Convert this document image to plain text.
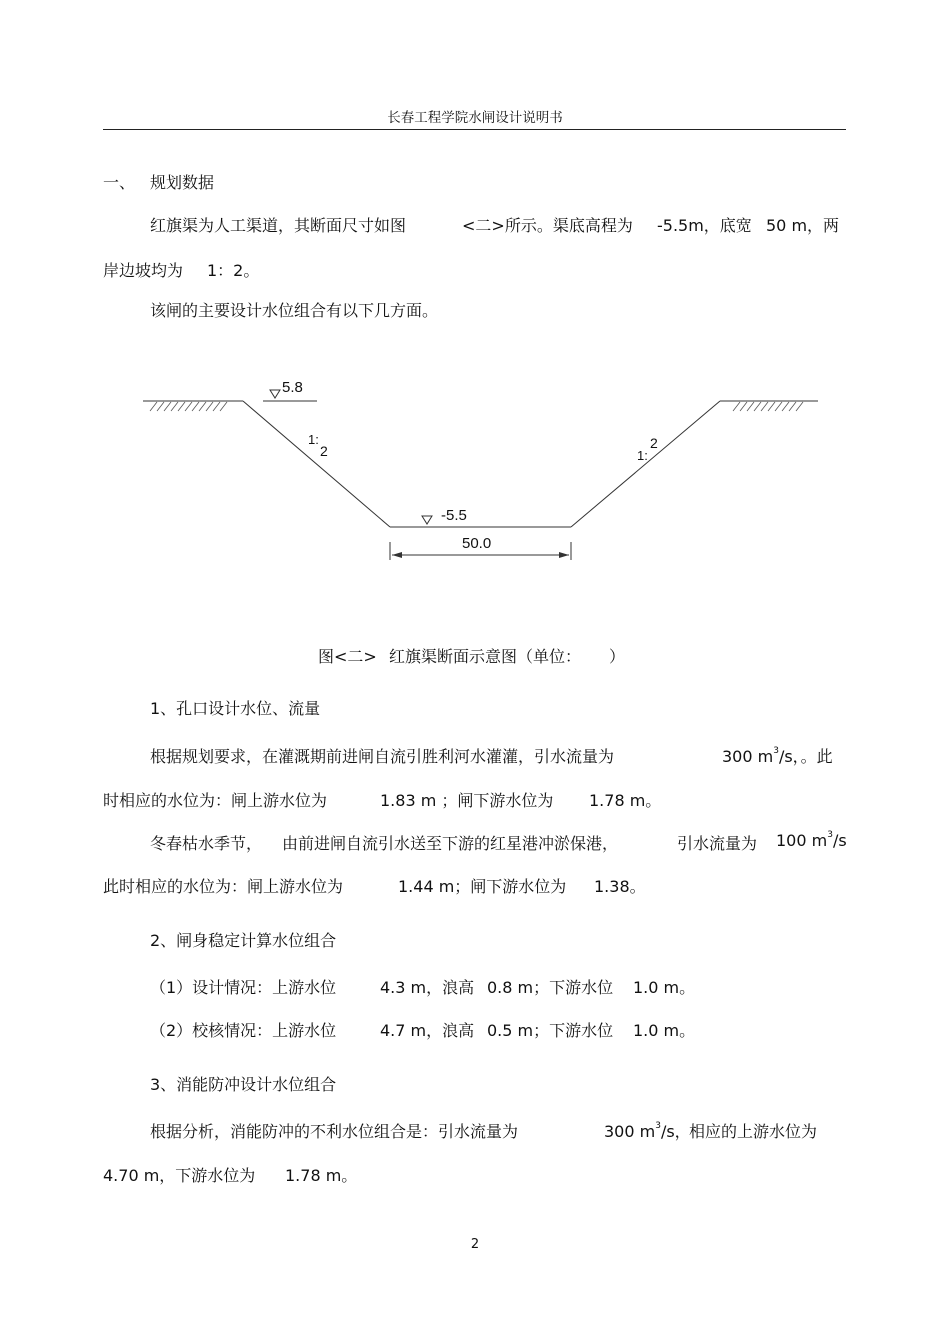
长春工程学院水闸设计说明书
一、 规划数据
红旗渠为人工渠道，其断面尺寸如图	<二>所示。渠底高程为 -5.5m，底宽 50 m，两
岸边坡均为 1：2。
该闸的主要设计水位组合有以下几方面。
5.8
-5.5
50.0
1:
2	1:
2
图<二> 红旗渠断面示意图（单位： ）
1、孔口设计水位、流量
根据规划要求，在灌溉期前进闸自流引胜利河水灌灌，引水流量为	300 $m^3/s$，。此
时相应的水位为：闸上游水位为	1.83 m ；闸下游水位为 1.78 m。
冬春枯水季节， 由前进闸自流引水送至下游的红星港冲淤保港，	引水流量为 100 $m^3/s$
此时相应的水位为：闸上游水位为	1.44 m；闸下游水位为 1.38。
2、闸身稳定计算水位组合
（1）设计情况：上游水位	4.3 m，浪高 0.8 m；下游水位 1.0 m。
（2）校核情况：上游水位	4.7 m，浪高 0.5 m；下游水位 1.0 m。
3、消能防冲设计水位组合
根据分析，消能防冲的不利水位组合是：引水流量为	300 $m^3/s$，
相应的上游水位为
4.70 m，下游水位为 1.78 m。
2
